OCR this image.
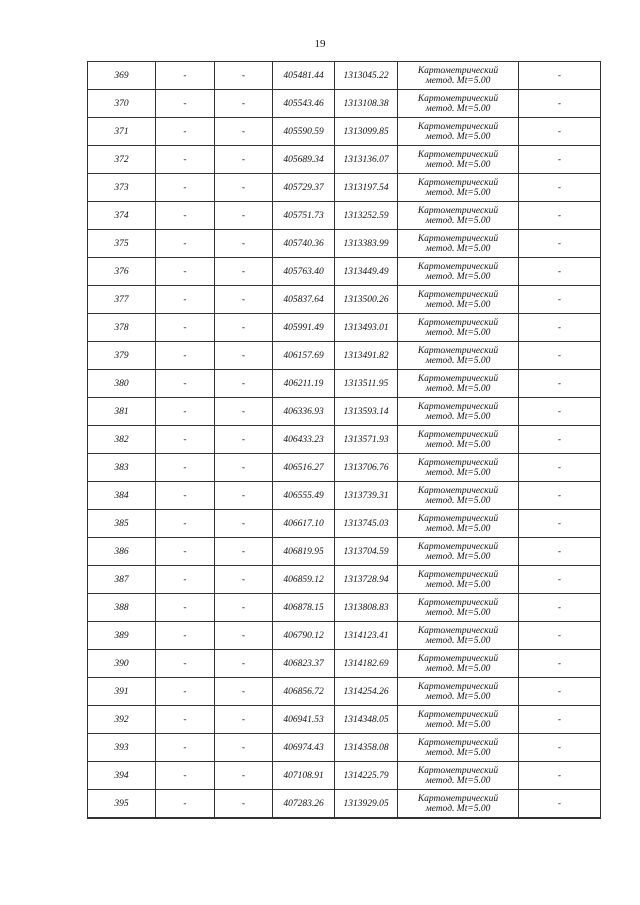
19
369	-	-	405481.44	1313045.22	Картометрический
метод. Mt=5.00	-
370	-	-	405543.46	1313108.38	Картометрический
метод. Mt=5.00	-
371	-	-	405590.59	1313099.85	Картометрический
метод. Mt=5.00	-
372	-	-	405689.34	1313136.07	Картометрический
метод. Mt=5.00	-
373	-	-	405729.37	1313197.54	Картометрический
метод. Mt=5.00	-
374	-	-	405751.73	1313252.59	Картометрический
метод. Mt=5.00	-
375	-	-	405740.36	1313383.99	Картометрический
метод. Mt=5.00	-
376	-	-	405763.40	1313449.49	Картометрический
метод. Mt=5.00	-
377	-	-	405837.64	1313500.26	Картометрический
метод. Mt=5.00	-
378	-	-	405991.49	1313493.01	Картометрический
метод. Mt=5.00	-
379	-	-	406157.69	1313491.82	Картометрический
метод. Mt=5.00	-
380	-	-	406211.19	1313511.95	Картометрический
метод. Mt=5.00	-
381	-	-	406336.93	1313593.14	Картометрический
метод. Mt=5.00	-
382	-	-	406433.23	1313571.93	Картометрический
метод. Mt=5.00	-
383	-	-	406516.27	1313706.76	Картометрический
метод. Mt=5.00	-
384	-	-	406555.49	1313739.31	Картометрический
метод. Mt=5.00	-
385	-	-	406617.10	1313745.03	Картометрический
метод. Mt=5.00	-
386	-	-	406819.95	1313704.59	Картометрический
метод. Mt=5.00	-
387	-	-	406859.12	1313728.94	Картометрический
метод. Mt=5.00	-
388	-	-	406878.15	1313808.83	Картометрический
метод. Mt=5.00	-
389	-	-	406790.12	1314123.41	Картометрический
метод. Mt=5.00	-
390	-	-	406823.37	1314182.69	Картометрический
метод. Mt=5.00	-
391	-	-	406856.72	1314254.26	Картометрический
метод. Mt=5.00	-
392	-	-	406941.53	1314348.05	Картометрический
метод. Mt=5.00	-
393	-	-	406974.43	1314358.08	Картометрический
метод. Mt=5.00	-
394	-	-	407108.91	1314225.79	Картометрический
метод. Mt=5.00	-
395	-	-	407283.26	1313929.05	Картометрический
метод. Mt=5.00	-
